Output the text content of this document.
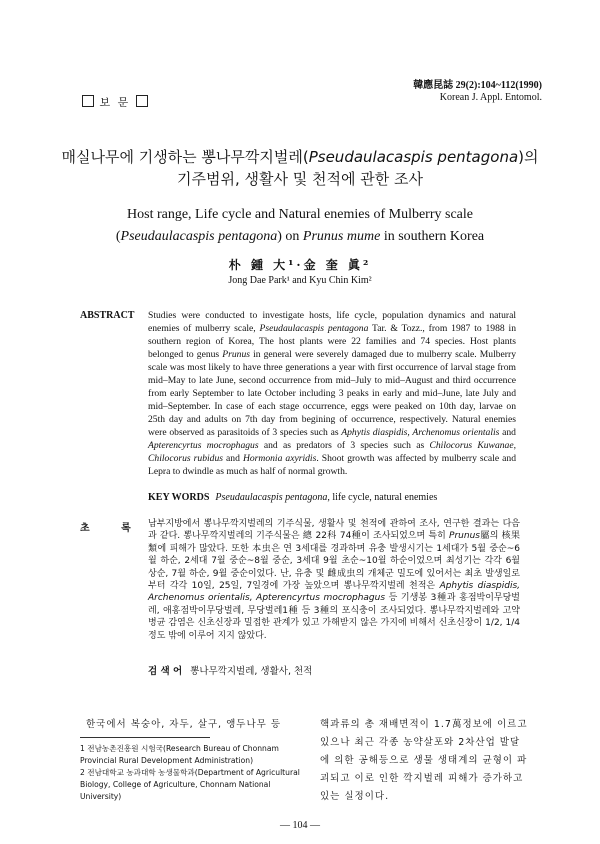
보 문
韓應昆誌 29(2):104~112(1990)
Korean J. Appl. Entomol.
매실나무에 기생하는 뽕나무깍지벌레(Pseudaulacaspis pentagona)의
기주범위, 생활사 및 천적에 관한 조사
Host range, Life cycle and Natural enemies of Mulberry scale
(Pseudaulacaspis pentagona) on Prunus mume in southern Korea
朴 鍾 大¹·金 奎 眞²
Jong Dae Park¹ and Kyu Chin Kim²
ABSTRACT Studies were conducted to investigate hosts, life cycle, population dynamics and natural enemies of mulberry scale, Pseudaulacaspis pentagona Tar. & Tozz., from 1987 to 1988 in southern region of Korea, The host plants were 22 families and 74 species. Host plants belonged to genus Prunus in general were severely damaged due to mulberry scale. Mulberry scale was most likely to have three generations a year with first occurrence of larval stage from mid–May to late June, second occurrence from mid–July to mid–August and third occurrence from early September to late October including 3 peaks in early and mid–June, late July and mid–September. In case of each stage occurrence, eggs were peaked on 10th day, larvae on 25th day and adults on 7th day from begining of occurrence, respectively. Natural enemies were observed as parasitoids of 3 species such as Aphytis diaspidis, Archenomus orientalis and Apterencyrtus mocrophagus and as predators of 3 species such as Chilocorus Kuwanae, Chilocorus rubidus and Hormonia axyridis. Shoot growth was affected by mulberry scale and Lepra to dwindle as much as half of normal growth.
KEY WORDS Pseudaulacaspis pentagona, life cycle, natural enemies
초 록 남부지방에서 뽕나무깍지벌레의 기주식물, 생활사 및 천적에 관하여 조사, 연구한 결과는 다음과 같다. 뽕나무깍지벌레의 기주식물은 總 22科 74種이 조사되었으며 특히 Prunus屬의 核果類에 피해가 많았다. 또한 本虫은 연 3세대를 경과하며 유충 발생시기는 1세대가 5월 중순~6월 하순, 2세대 7월 중순~8월 중순, 3세대 9월 초순~10월 하순이었으며 최성기는 각각 6월 상순, 7월 하순, 9월 중순이었다. 난, 유충 및 雌成虫의 개체군 밀도에 있어서는 최초 발생일로부터 각각 10일, 25일, 7일경에 가장 높았으며 뽕나무깍지벌레 천적은 Aphytis diaspidis, Archenomus orientalis, Apterencyrtus mocrophagus 등 기생봉 3種과 홍점박이무당벌레, 애홍점박이무당벌레, 무당벌레1種 등 3種의 포식충이 조사되었다. 뽕나무깍지벌레와 고약병균 감염은 신초신장과 밀접한 관계가 있고 가해받지 않은 가지에 비해서 신초신장이 1/2, 1/4정도 밖에 이루어 지지 않았다.
검 색 어 뽕나무깍지벌레, 생활사, 천적
한국에서 복숭아, 자두, 살구, 앵두나무 등
1 전남농촌진흥원 시험국(Research Bureau of Chonnam Provincial Rural Development Administration)
2 전남대학교 농과대학 농생물학과(Department of Agricultural Biology, College of Agriculture, Chonnam National University)
핵과류의 총 재배면적이 1.7萬정보에 이르고 있으나 최근 각종 농약살포와 2차산업 발달에 의한 공해등으로 생물 생태계의 균형이 파괴되고 이로 인한 깍지벌레 피해가 증가하고 있는 실정이다.
— 104 —
